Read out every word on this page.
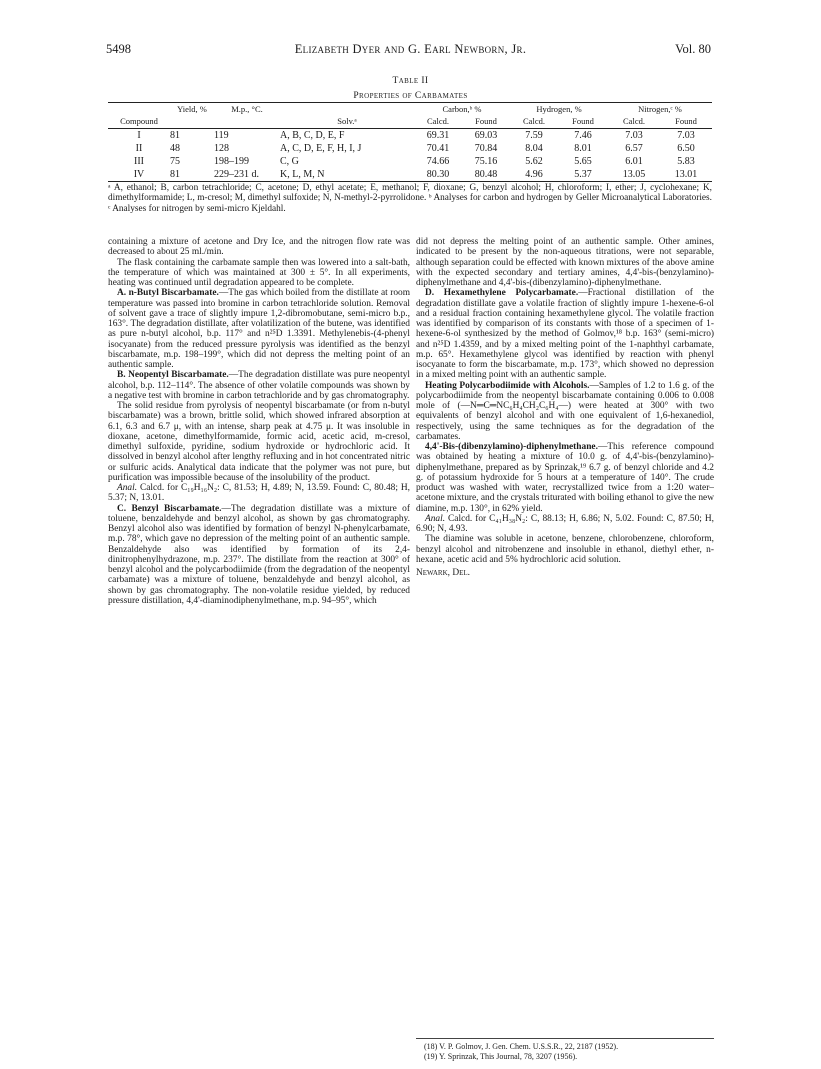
5498	Elizabeth Dyer and G. Earl Newborn, Jr.	Vol. 80
Table II
Properties of Carbamates
	Yield, %	M.p., °C.		Carbon,ᵇ %		Hydrogen, %		Nitrogen,ᶜ %	
Compound			Solv.ᵃ	Calcd.	Found	Calcd.	Found	Calcd.	Found
I	81	119	A, B, C, D, E, F	69.31	69.03	7.59	7.46	7.03	7.03
II	48	128	A, C, D, E, F, H, I, J	70.41	70.84	8.04	8.01	6.57	6.50
III	75	198–199	C, G	74.66	75.16	5.62	5.65	6.01	5.83
IV	81	229–231 d.	K, L, M, N	80.30	80.48	4.96	5.37	13.05	13.01
ᵃ A, ethanol; B, carbon tetrachloride; C, acetone; D, ethyl acetate; E, methanol; F, dioxane; G, benzyl alcohol; H, chloroform; I, ether; J, cyclohexane; K, dimethylformamide; L, m-cresol; M, dimethyl sulfoxide; N, N-methyl-2-pyrrolidone. ᵇ Analyses for carbon and hydrogen by Geller Microanalytical Laboratories. ᶜ Analyses for nitrogen by semi-micro Kjeldahl.

containing a mixture of acetone and Dry Ice, and the nitrogen flow rate was decreased to about 25 ml./min.

The flask containing the carbamate sample then was lowered into a salt-bath, the temperature of which was maintained at 300 ± 5°. In all experiments, heating was continued until degradation appeared to be complete.

A. n-Butyl Biscarbamate.—The gas which boiled from the distillate at room temperature was passed into bromine in carbon tetrachloride solution. Removal of solvent gave a trace of slightly impure 1,2-dibromobutane, semi-micro b.p., 163°. The degradation distillate, after volatilization of the butene, was identified as pure n-butyl alcohol, b.p. 117° and n²⁵D 1.3391. Methylenebis-(4-phenyl isocyanate) from the reduced pressure pyrolysis was identified as the benzyl biscarbamate, m.p. 198–199°, which did not depress the melting point of an authentic sample.

B. Neopentyl Biscarbamate.—The degradation distillate was pure neopentyl alcohol, b.p. 112–114°. The absence of other volatile compounds was shown by a negative test with bromine in carbon tetrachloride and by gas chromatography.

The solid residue from pyrolysis of neopentyl biscarbamate (or from n-butyl biscarbamate) was a brown, brittle solid, which showed infrared absorption at 6.1, 6.3 and 6.7 μ, with an intense, sharp peak at 4.75 μ. It was insoluble in dioxane, acetone, dimethylformamide, formic acid, acetic acid, m-cresol, dimethyl sulfoxide, pyridine, sodium hydroxide or hydrochloric acid. It dissolved in benzyl alcohol after lengthy refluxing and in hot concentrated nitric or sulfuric acids. Analytical data indicate that the polymer was not pure, but purification was impossible because of the insolubility of the product.

Anal. Calcd. for C₁₉H₁₆N₂: C, 81.53; H, 4.89; N, 13.59. Found: C, 80.48; H, 5.37; N, 13.01.

C. Benzyl Biscarbamate.—The degradation distillate was a mixture of toluene, benzaldehyde and benzyl alcohol, as shown by gas chromatography. Benzyl alcohol also was identified by formation of benzyl N-phenylcarbamate, m.p. 78°, which gave no depression of the melting point of an authentic sample. Benzaldehyde also was identified by formation of its 2,4-dinitrophenylhydrazone, m.p. 237°. The distillate from the reaction at 300° of benzyl alcohol and the polycarbodiimide (from the degradation of the neopentyl carbamate) was a mixture of toluene, benzaldehyde and benzyl alcohol, as shown by gas chromatography. The non-volatile residue yielded, by reduced pressure distillation, 4,4'-diaminodiphenylmethane, m.p. 94–95°, which

did not depress the melting point of an authentic sample. Other amines, indicated to be present by the non-aqueous titrations, were not separable, although separation could be effected with known mixtures of the above amine with the expected secondary and tertiary amines, 4,4'-bis-(benzylamino)-diphenylmethane and 4,4'-bis-(dibenzylamino)-diphenylmethane.

D. Hexamethylene Polycarbamate.—Fractional distillation of the degradation distillate gave a volatile fraction of slightly impure 1-hexene-6-ol and a residual fraction containing hexamethylene glycol. The volatile fraction was identified by comparison of its constants with those of a specimen of 1-hexene-6-ol synthesized by the method of Golmov,¹⁸ b.p. 163° (semi-micro) and n²⁵D 1.4359, and by a mixed melting point of the 1-naphthyl carbamate, m.p. 65°. Hexamethylene glycol was identified by reaction with phenyl isocyanate to form the biscarbamate, m.p. 173°, which showed no depression in a mixed melting point with an authentic sample.

Heating Polycarbodiimide with Alcohols.—Samples of 1.2 to 1.6 g. of the polycarbodiimide from the neopentyl biscarbamate containing 0.006 to 0.008 mole of (—N═C═NC₆H₄CH₂C₆H₄—) were heated at 300° with two equivalents of benzyl alcohol and with one equivalent of 1,6-hexanediol, respectively, using the same techniques as for the degradation of the carbamates.

4,4'-Bis-(dibenzylamino)-diphenylmethane.—This reference compound was obtained by heating a mixture of 10.0 g. of 4,4'-bis-(benzylamino)-diphenylmethane, prepared as by Sprinzak,¹⁹ 6.7 g. of benzyl chloride and 4.2 g. of potassium hydroxide for 5 hours at a temperature of 140°. The crude product was washed with water, recrystallized twice from a 1:20 water–acetone mixture, and the crystals triturated with boiling ethanol to give the new diamine, m.p. 130°, in 62% yield.

Anal. Calcd. for C₄₁H₃₈N₂: C, 88.13; H, 6.86; N, 5.02. Found: C, 87.50; H, 6.90; N, 4.93.

The diamine was soluble in acetone, benzene, chlorobenzene, chloroform, benzyl alcohol and nitrobenzene and insoluble in ethanol, diethyl ether, n-hexane, acetic acid and 5% hydrochloric acid solution.

Newark, Del.

(18) V. P. Golmov, J. Gen. Chem. U.S.S.R., 22, 2187 (1952).
(19) Y. Sprinzak, This Journal, 78, 3207 (1956).
